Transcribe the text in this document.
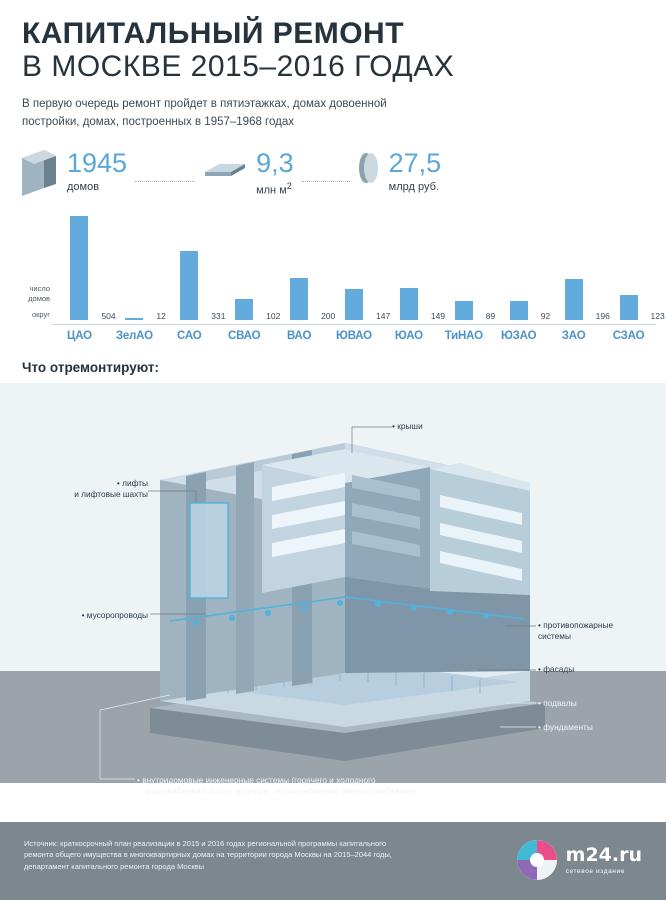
КАПИТАЛЬНЫЙ РЕМОНТ
В МОСКВЕ 2015–2016 ГОДАХ
В первую очередь ремонт пройдет в пятиэтажках, домах довоенной постройки, домах, построенных в 1957–1968 годах
1945
домов
9,3
млн $м^2$
27,5
млрд руб.
число
домов
округ	504	12	331	102	200	147	149	89	92	196	123
ЦАО	ЗелАО	САО	СВАО	ВАО	ЮВАО	ЮАО	ТиНАО	ЮЗАО	ЗАО	СЗАО
Что отремонтируют:
• крыши
• лифты
и лифтовые шахты
• мусоропроводы
• противопожарные
системы
• фасады
• подвалы
• фундаменты
• внутридомовые инженерные системы (горячего и холодного
водоснабжения, водоотведения, теплоснабжения, электроснабжения)
Источник: краткосрочный план реализации в 2015 и 2016 годах региональной программы капитального
ремонта общего имущества в многоквартирных домах на территории города Москвы на 2015–2044 годы,
департамент капитального ремонта города Москвы
m24.ru
сетевое издание
